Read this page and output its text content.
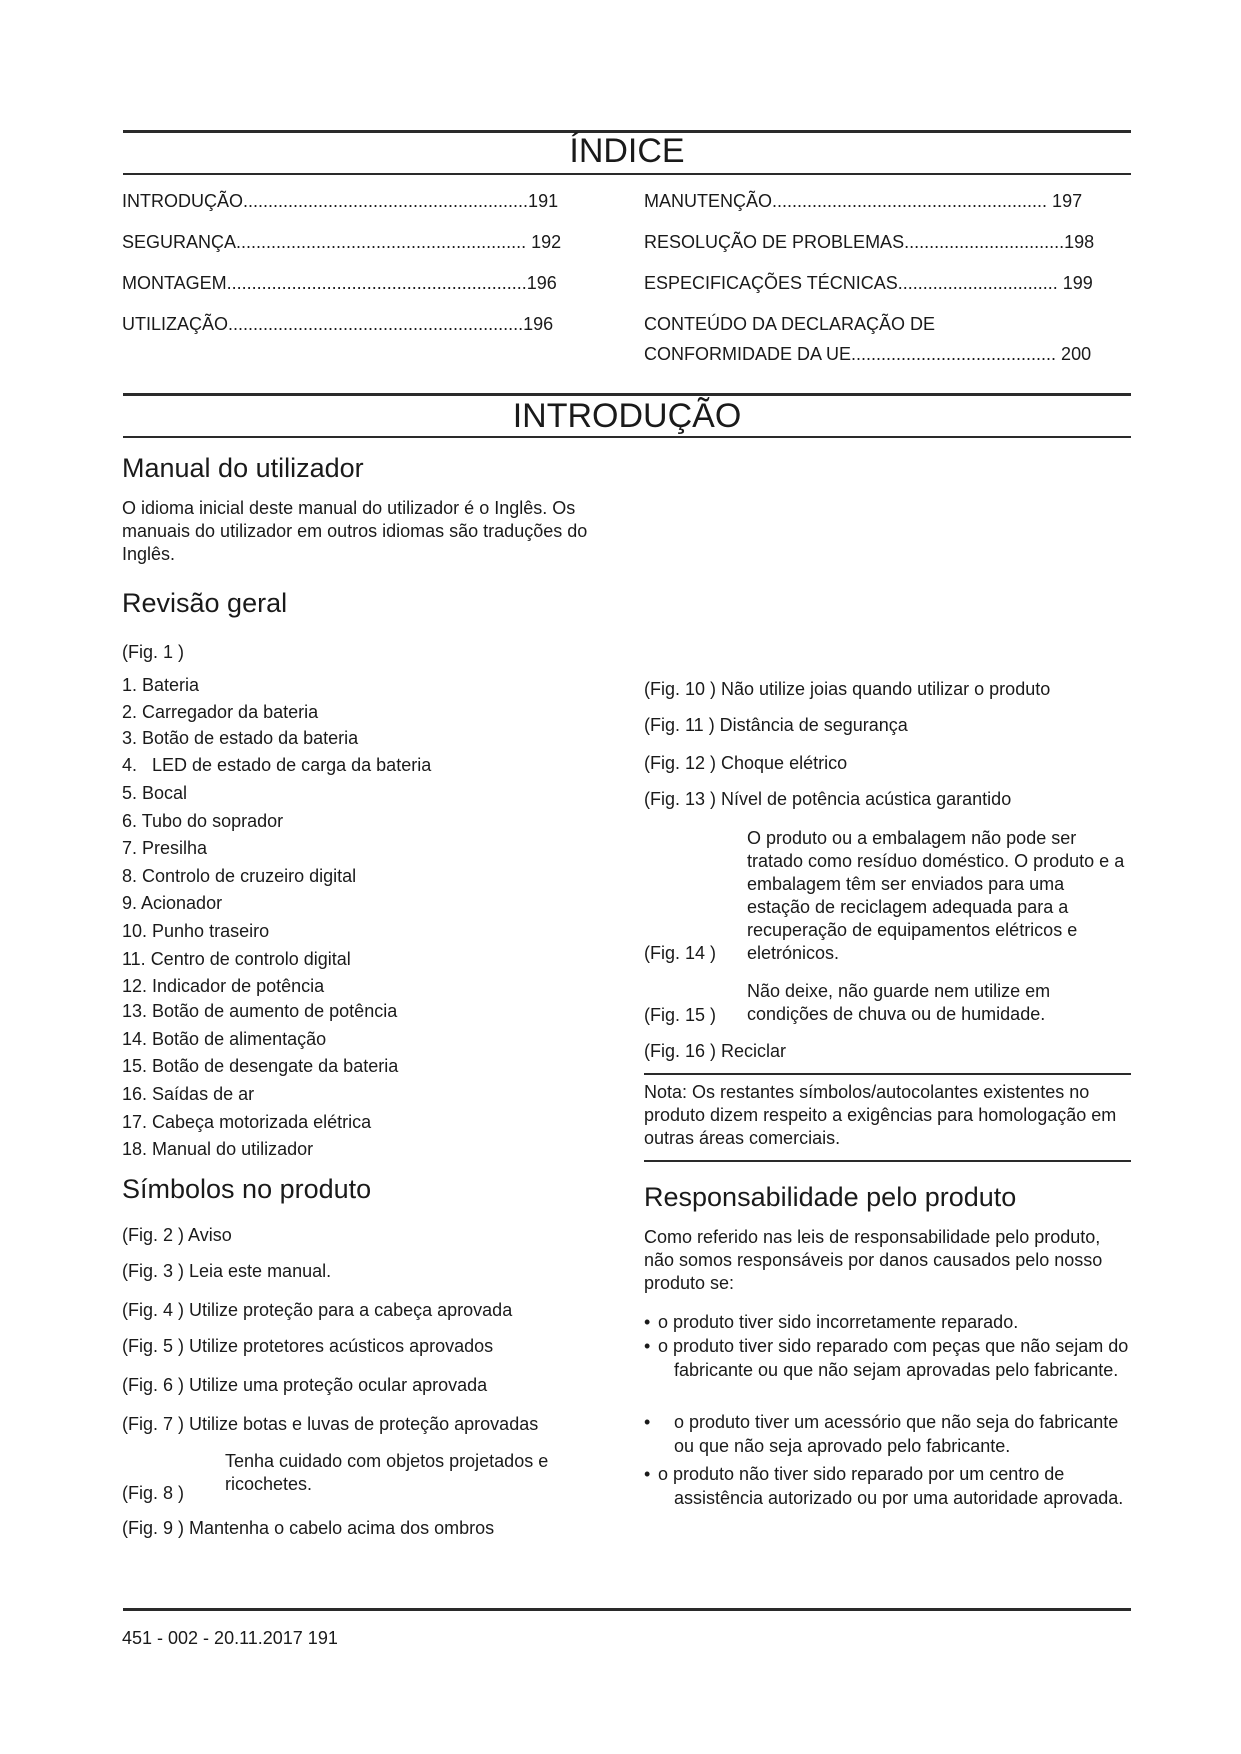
ÍNDICE
INTRODUÇÃO.........................................................191
SEGURANÇA.......................................................... 192
MONTAGEM............................................................196
UTILIZAÇÃO...........................................................196
MANUTENÇÃO....................................................... 197
RESOLUÇÃO DE PROBLEMAS................................198
ESPECIFICAÇÕES TÉCNICAS................................ 199
CONTEÚDO DA DECLARAÇÃO DE
CONFORMIDADE DA UE......................................... 200
INTRODUÇÃO
Manual do utilizador
O idioma inicial deste manual do utilizador é o Inglês. Os manuais do utilizador em outros idiomas são traduções do Inglês.
Revisão geral
(Fig. 1 )
1. Bateria
2. Carregador da bateria
3. Botão de estado da bateria
4.   LED de estado de carga da bateria
5. Bocal
6. Tubo do soprador
7. Presilha
8. Controlo de cruzeiro digital
9. Acionador
10. Punho traseiro
11. Centro de controlo digital
12. Indicador de potência
13. Botão de aumento de potência
14. Botão de alimentação
15. Botão de desengate da bateria
16. Saídas de ar
17. Cabeça motorizada elétrica
18. Manual do utilizador
Símbolos no produto
(Fig. 2 ) Aviso
(Fig. 3 ) Leia este manual.
(Fig. 4 ) Utilize proteção para a cabeça aprovada
(Fig. 5 ) Utilize protetores acústicos aprovados
(Fig. 6 ) Utilize uma proteção ocular aprovada
(Fig. 7 ) Utilize botas e luvas de proteção aprovadas
(Fig. 8 )
Tenha cuidado com objetos projetados e ricochetes.
(Fig. 9 ) Mantenha o cabelo acima dos ombros
(Fig. 10 ) Não utilize joias quando utilizar o produto
(Fig. 11 ) Distância de segurança
(Fig. 12 ) Choque elétrico
(Fig. 13 ) Nível de potência acústica garantido
(Fig. 14 )
O produto ou a embalagem não pode ser tratado como resíduo doméstico. O produto e a embalagem têm ser enviados para uma estação de reciclagem adequada para a recuperação de equipamentos elétricos e eletrónicos.
(Fig. 15 )
Não deixe, não guarde nem utilize em condições de chuva ou de humidade.
(Fig. 16 ) Reciclar
Nota: Os restantes símbolos/autocolantes existentes no produto dizem respeito a exigências para homologação em outras áreas comerciais.
Responsabilidade pelo produto
Como referido nas leis de responsabilidade pelo produto, não somos responsáveis por danos causados pelo nosso produto se:
• o produto tiver sido incorretamente reparado.
• o produto tiver sido reparado com peças que não sejam do fabricante ou que não sejam aprovadas pelo fabricante.
•	o produto tiver um acessório que não seja do fabricante ou que não seja aprovado pelo fabricante.
• o produto não tiver sido reparado por um centro de assistência autorizado ou por uma autoridade aprovada.
451 - 002 - 20.11.2017 191
